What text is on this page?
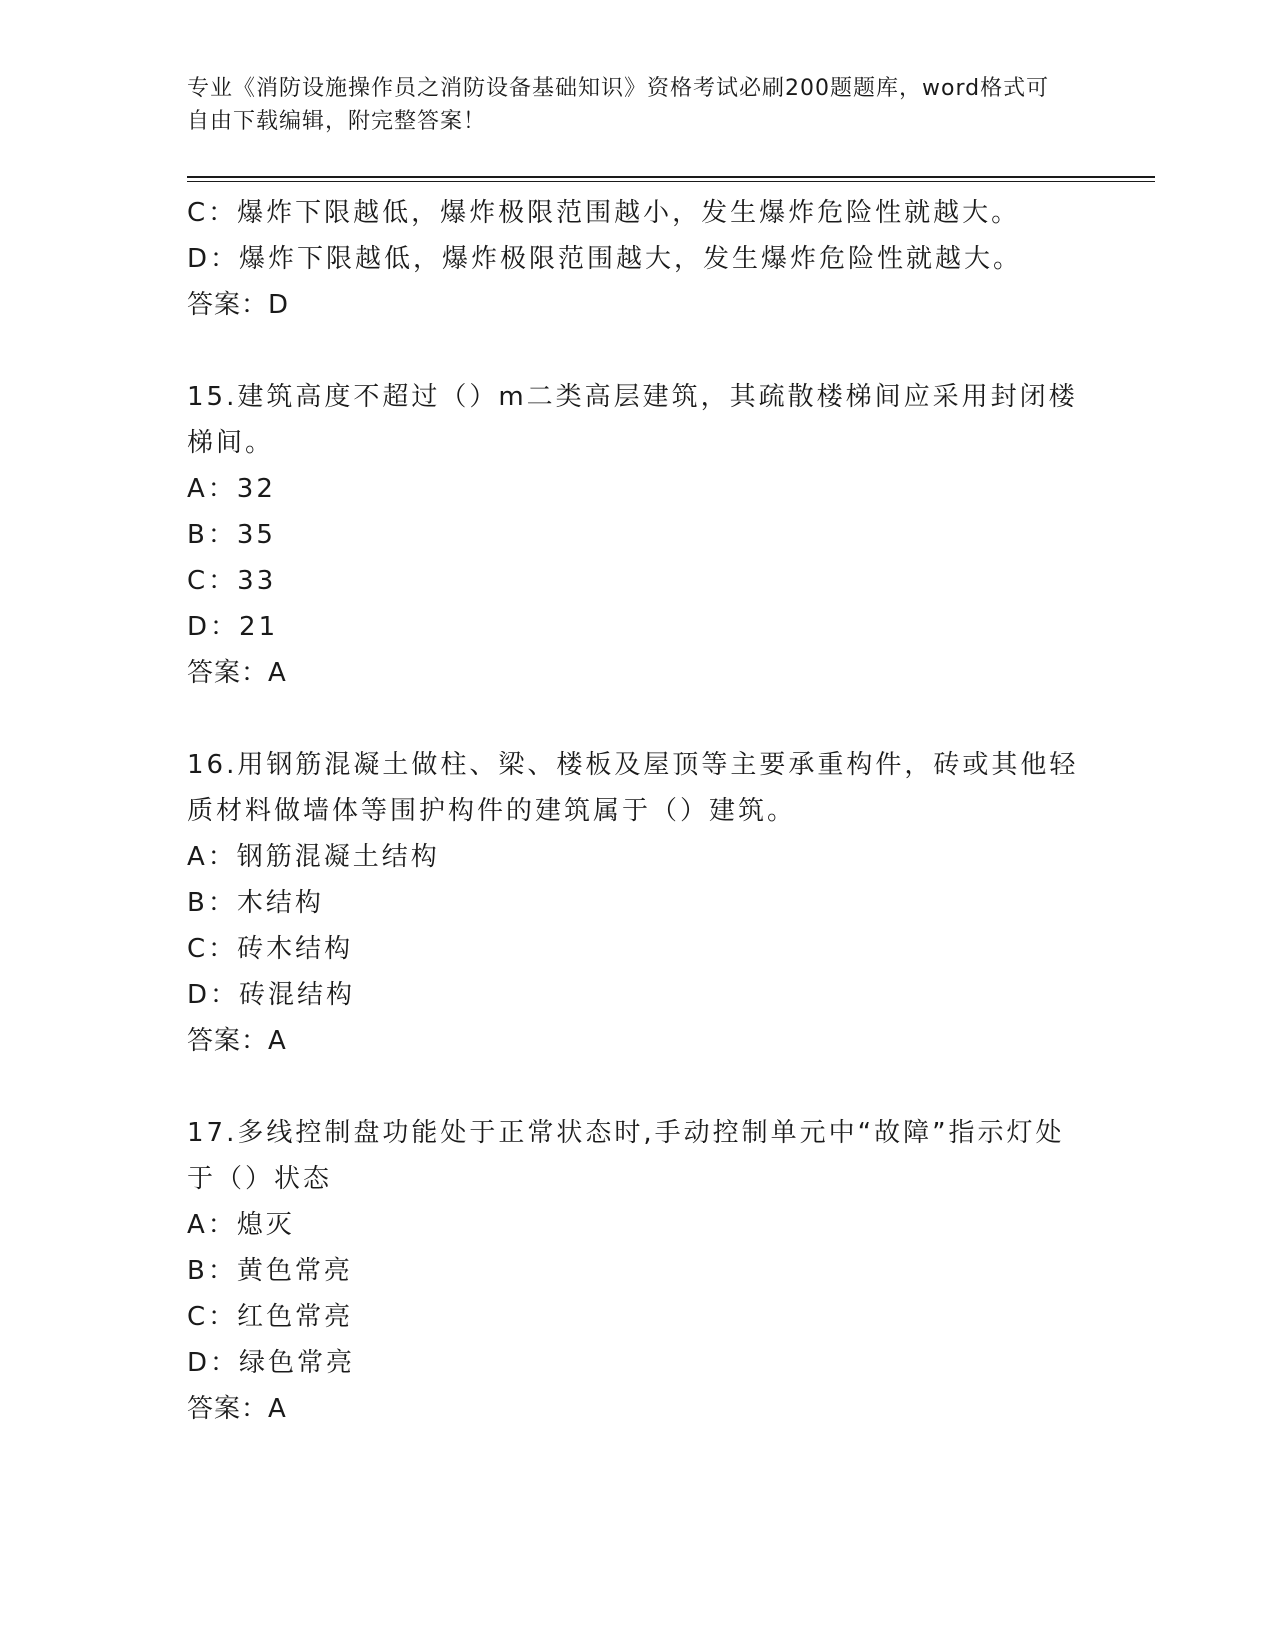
专业《消防设施操作员之消防设备基础知识》资格考试必刷200题题库，word格式可自由下载编辑，附完整答案！
C：爆炸下限越低，爆炸极限范围越小，发生爆炸危险性就越大。
D：爆炸下限越低，爆炸极限范围越大，发生爆炸危险性就越大。
答案：D
15.建筑高度不超过（）m二类高层建筑，其疏散楼梯间应采用封闭楼梯间。
A：32
B：35
C：33
D：21
答案：A
16.用钢筋混凝土做柱、梁、楼板及屋顶等主要承重构件，砖或其他轻质材料做墙体等围护构件的建筑属于（）建筑。
A：钢筋混凝土结构
B：木结构
C：砖木结构
D：砖混结构
答案：A
17.多线控制盘功能处于正常状态时,手动控制单元中“故障”指示灯处于（）状态
A：熄灭
B：黄色常亮
C：红色常亮
D：绿色常亮
答案：A
